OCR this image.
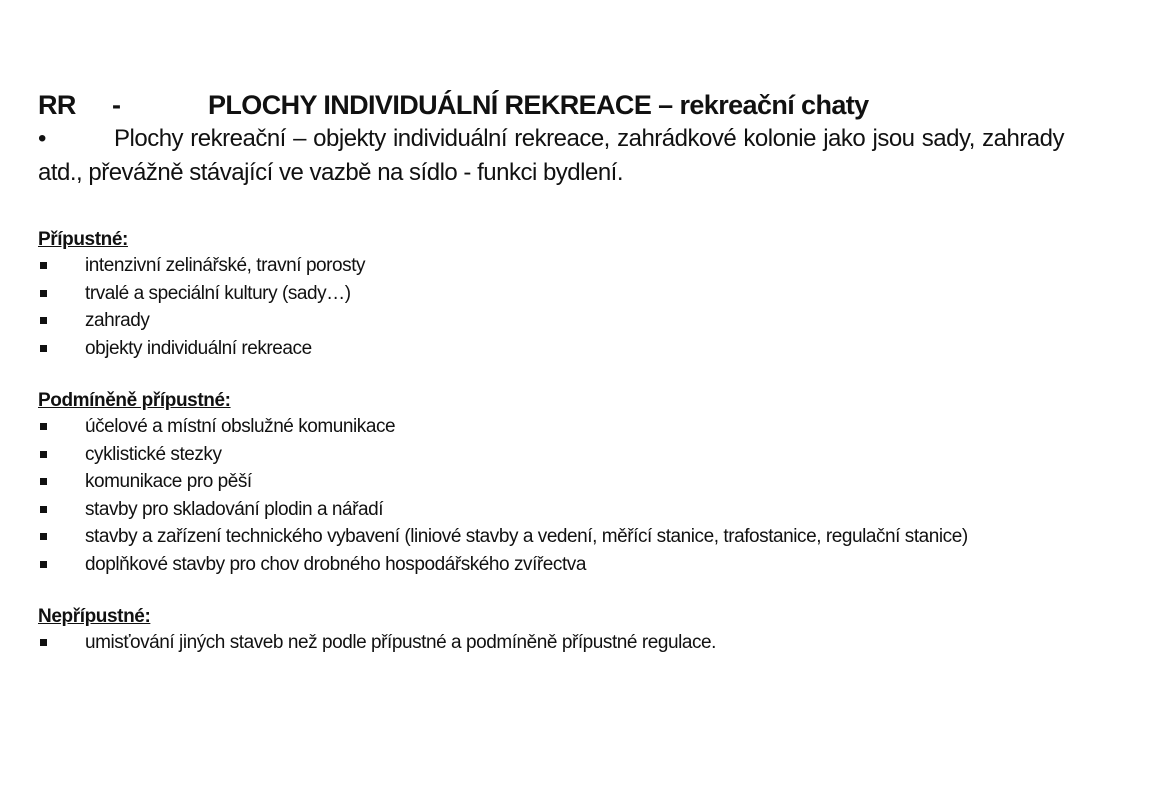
RR	-	PLOCHY INDIVIDUÁLNÍ REKREACE – rekreační chaty

•	Plochy rekreační – objekty individuální rekreace, zahrádkové kolonie jako jsou sady, zahrady atd., převážně stávající ve vazbě na sídlo - funkci bydlení.

Přípustné:

intenzivní zelinářské, travní porosty
trvalé a speciální kultury (sady…)
zahrady
objekty individuální rekreace

Podmíněně přípustné:

účelové a místní obslužné komunikace
cyklistické stezky
komunikace pro pěší
stavby pro skladování plodin a nářadí
stavby a zařízení technického vybavení (liniové stavby a vedení, měřící stanice, trafostanice, regulační stanice)
doplňkové stavby pro chov drobného hospodářského zvířectva

Nepřípustné:

umisťování jiných staveb než podle přípustné a podmíněně přípustné regulace.
